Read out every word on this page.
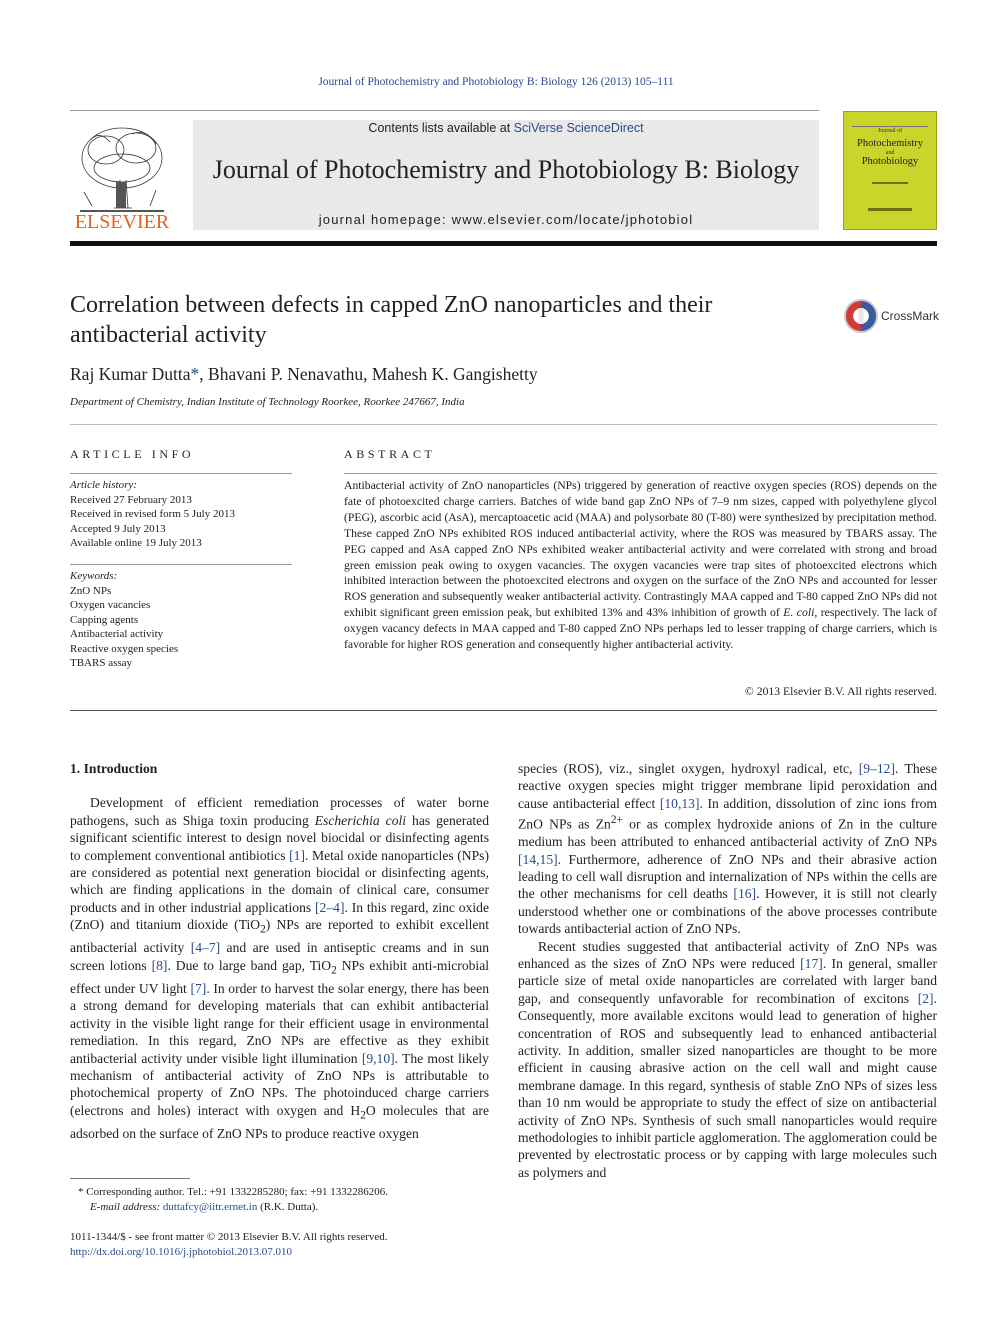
Journal of Photochemistry and Photobiology B: Biology 126 (2013) 105–111
ELSEVIER
Contents lists available at SciVerse ScienceDirect
Journal of Photochemistry and Photobiology B: Biology
journal homepage: www.elsevier.com/locate/jphotobiol
Journal of
Photochemistry
and
Photobiology
Correlation between defects in capped ZnO nanoparticles and their antibacterial activity
CrossMark
Raj Kumar Dutta*, Bhavani P. Nenavathu, Mahesh K. Gangishetty
Department of Chemistry, Indian Institute of Technology Roorkee, Roorkee 247667, India
ARTICLE INFO	ABSTRACT
Article history:
Received 27 February 2013
Received in revised form 5 July 2013
Accepted 9 July 2013
Available online 19 July 2013
Keywords:
ZnO NPs
Oxygen vacancies
Capping agents
Antibacterial activity
Reactive oxygen species
TBARS assay
Antibacterial activity of ZnO nanoparticles (NPs) triggered by generation of reactive oxygen species (ROS) depends on the fate of photoexcited charge carriers. Batches of wide band gap ZnO NPs of 7–9 nm sizes, capped with polyethylene glycol (PEG), ascorbic acid (AsA), mercaptoacetic acid (MAA) and polysorbate 80 (T-80) were synthesized by precipitation method. These capped ZnO NPs exhibited ROS induced antibacterial activity, where the ROS was measured by TBARS assay. The PEG capped and AsA capped ZnO NPs exhibited weaker antibacterial activity and were correlated with strong and broad green emission peak owing to oxygen vacancies. The oxygen vacancies were trap sites of photoexcited electrons which inhibited interaction between the photoexcited electrons and oxygen on the surface of the ZnO NPs and accounted for lesser ROS generation and subsequently weaker antibacterial activity. Contrastingly MAA capped and T-80 capped ZnO NPs did not exhibit significant green emission peak, but exhibited 13% and 43% inhibition of growth of E. coli, respectively. The lack of oxygen vacancy defects in MAA capped and T-80 capped ZnO NPs perhaps led to lesser trapping of charge carriers, which is favorable for higher ROS generation and consequently higher antibacterial activity.
© 2013 Elsevier B.V. All rights reserved.

1. Introduction

Development of efficient remediation processes of water borne pathogens, such as Shiga toxin producing Escherichia coli has generated significant scientific interest to design novel biocidal or disinfecting agents to complement conventional antibiotics [1]. Metal oxide nanoparticles (NPs) are considered as potential next generation biocidal or disinfecting agents, which are finding applications in the domain of clinical care, consumer products and in other industrial applications [2–4]. In this regard, zinc oxide (ZnO) and titanium dioxide (TiO$_2$) NPs are reported to exhibit excellent antibacterial activity [4–7] and are used in antiseptic creams and in sun screen lotions [8]. Due to large band gap, TiO$_2$ NPs exhibit anti-microbial effect under UV light [7]. In order to harvest the solar energy, there has been a strong demand for developing materials that can exhibit antibacterial activity in the visible light range for their efficient usage in environmental remediation. In this regard, ZnO NPs are effective as they exhibit antibacterial activity under visible light illumination [9,10]. The most likely mechanism of antibacterial activity of ZnO NPs is attributable to photochemical property of ZnO NPs. The photoinduced charge carriers (electrons and holes) interact with oxygen and $H_2O$ molecules that are adsorbed on the surface of ZnO NPs to produce reactive oxygen

species (ROS), viz., singlet oxygen, hydroxyl radical, etc, [9–12]. These reactive oxygen species might trigger membrane lipid peroxidation and cause antibacterial effect [10,13]. In addition, dissolution of zinc ions from ZnO NPs as $Zn^{2+}$ or as complex hydroxide anions of Zn in the culture medium has been attributed to enhanced antibacterial activity of ZnO NPs [14,15]. Furthermore, adherence of ZnO NPs and their abrasive action leading to cell wall disruption and internalization of NPs within the cells are the other mechanisms for cell deaths [16]. However, it is still not clearly understood whether one or combinations of the above processes contribute towards antibacterial action of ZnO NPs.

Recent studies suggested that antibacterial activity of ZnO NPs was enhanced as the sizes of ZnO NPs were reduced [17]. In general, smaller particle size of metal oxide nanoparticles are correlated with larger band gap, and consequently unfavorable for recombination of excitons [2]. Consequently, more available excitons would lead to generation of higher concentration of ROS and subsequently lead to enhanced antibacterial activity. In addition, smaller sized nanoparticles are thought to be more efficient in causing abrasive action on the cell wall and might cause membrane damage. In this regard, synthesis of stable ZnO NPs of sizes less than 10 nm would be appropriate to study the effect of size on antibacterial activity of ZnO NPs. Synthesis of such small nanoparticles would require methodologies to inhibit particle agglomeration. The agglomeration could be prevented by electrostatic process or by capping with large molecules such as polymers and

* Corresponding author. Tel.: +91 1332285280; fax: +91 1332286206.
E-mail address: duttafcy@iitr.ernet.in (R.K. Dutta).
1011-1344/$ - see front matter © 2013 Elsevier B.V. All rights reserved.
http://dx.doi.org/10.1016/j.jphotobiol.2013.07.010
